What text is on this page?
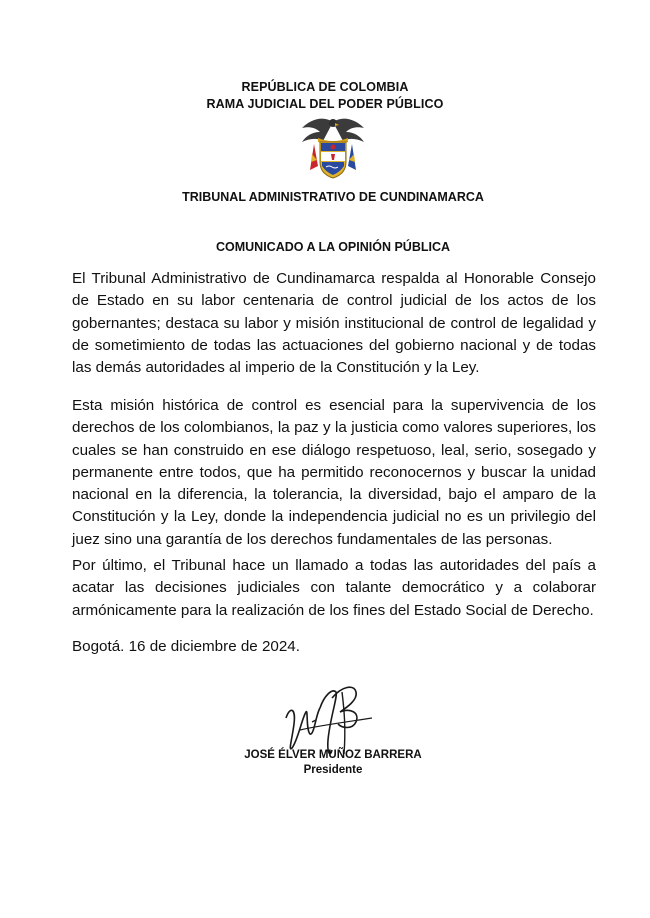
REPÚBLICA DE COLOMBIA
RAMA JUDICIAL DEL PODER PÚBLICO
TRIBUNAL ADMINISTRATIVO DE CUNDINAMARCA
COMUNICADO A LA OPINIÓN PÚBLICA

El Tribunal Administrativo de Cundinamarca respalda al Honorable Consejo de Estado en su labor centenaria de control judicial de los actos de los gobernantes; destaca su labor y misión institucional de control de legalidad y de sometimiento de todas las actuaciones del gobierno nacional y de todas las demás autoridades al imperio de la Constitución y la Ley.

Esta misión histórica de control es esencial para la supervivencia de los derechos de los colombianos, la paz y la justicia como valores superiores, los cuales se han construido en ese diálogo respetuoso, leal, serio, sosegado y permanente entre todos, que ha permitido reconocernos y buscar la unidad nacional en la diferencia, la tolerancia, la diversidad, bajo el amparo de la Constitución y la Ley, donde la independencia judicial no es un privilegio del juez sino una garantía de los derechos fundamentales de las personas.

Por último, el Tribunal hace un llamado a todas las autoridades del país a acatar las decisiones judiciales con talante democrático y a colaborar armónicamente para la realización de los fines del Estado Social de Derecho.

Bogotá. 16 de diciembre de 2024.
JOSÉ ÉLVER MUÑOZ BARRERA
Presidente
